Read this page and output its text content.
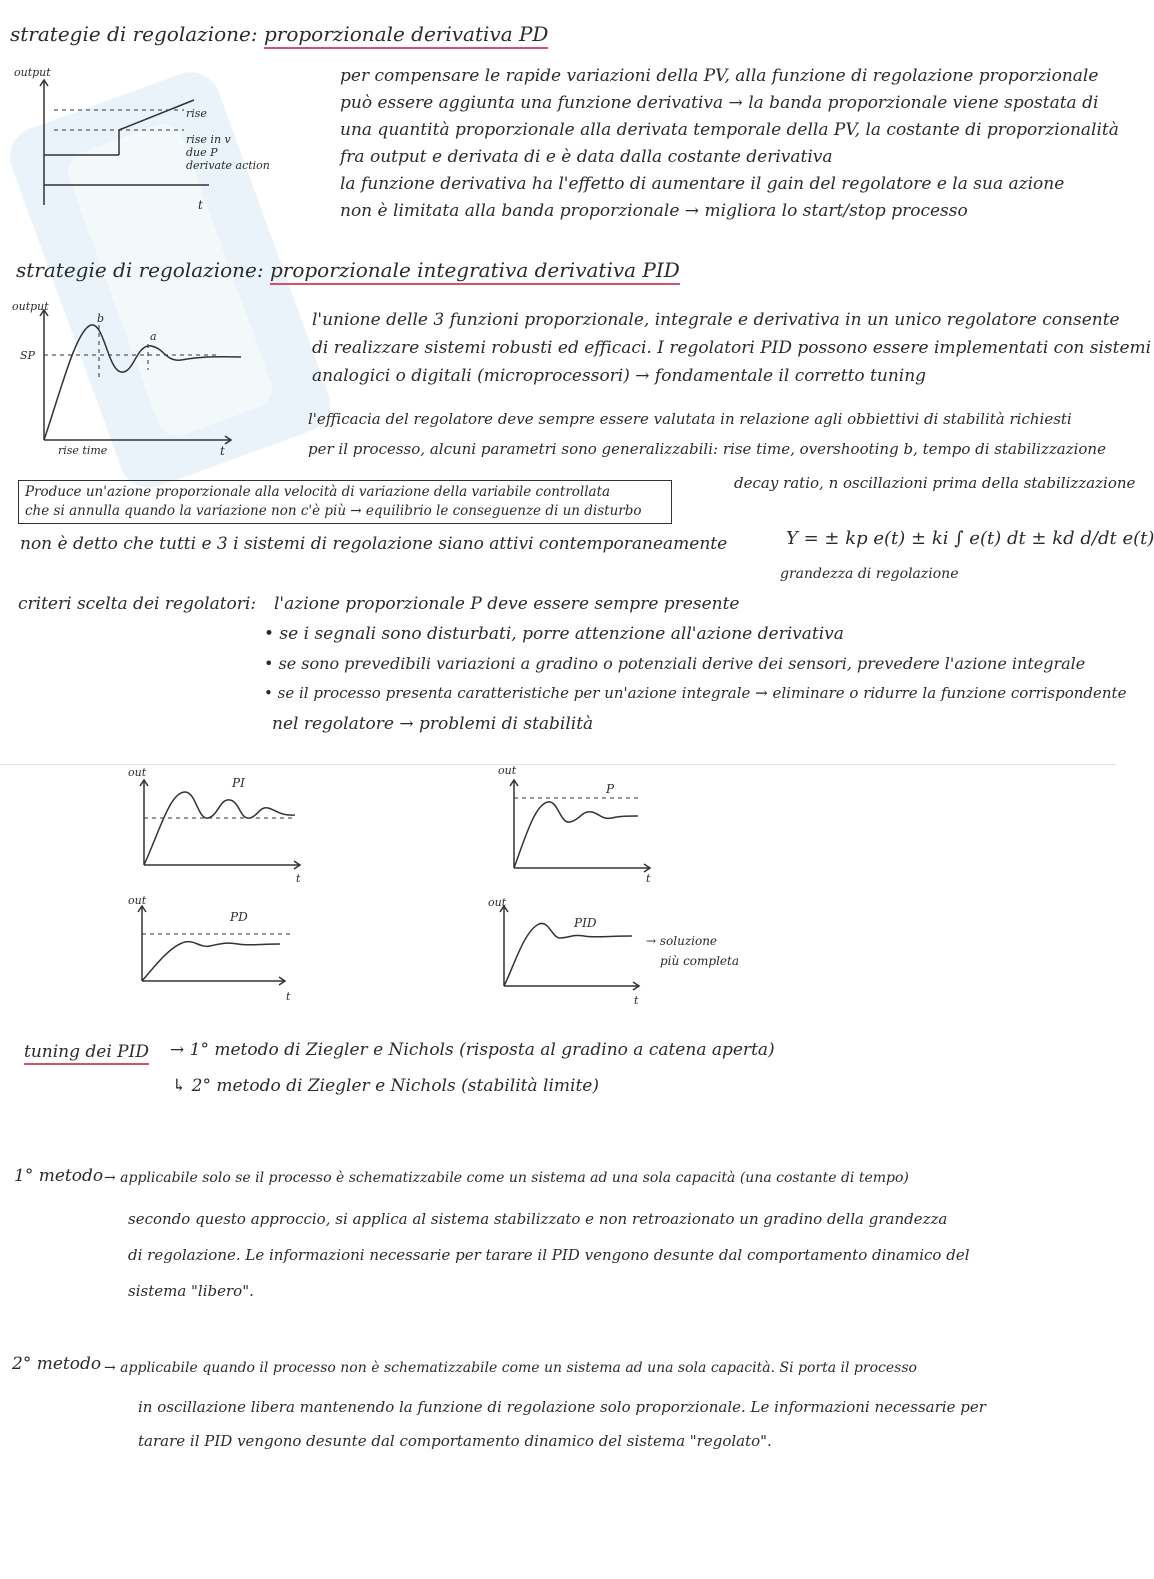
strategie di regolazione: proporzionale derivativa PD
output
t
rise
rise in v
due P
derivate action
per compensare le rapide variazioni della PV, alla funzione di regolazione proporzionale
può essere aggiunta una funzione derivativa → la banda proporzionale viene spostata di
una quantità proporzionale alla derivata temporale della PV, la costante di proporzionalità
fra output e derivata di e è data dalla costante derivativa
la funzione derivativa ha l'effetto di aumentare il gain del regolatore e la sua azione
non è limitata alla banda proporzionale → migliora lo start/stop processo
strategie di regolazione: proporzionale integrativa derivativa PID
output
SP
b
a
rise time	t
l'unione delle 3 funzioni proporzionale, integrale e derivativa in un unico regolatore consente
di realizzare sistemi robusti ed efficaci. I regolatori PID possono essere implementati con sistemi
analogici o digitali (microprocessori) → fondamentale il corretto tuning
l'efficacia del regolatore deve sempre essere valutata in relazione agli obbiettivi di stabilità richiesti
per il processo, alcuni parametri sono generalizzabili: rise time, overshooting b, tempo di stabilizzazione
decay ratio, n oscillazioni prima della stabilizzazione
Produce un'azione proporzionale alla velocità di variazione della variabile controllata
che si annulla quando la variazione non c'è più → equilibrio le conseguenze di un disturbo
non è detto che tutti e 3 i sistemi di regolazione siano attivi contemporaneamente	Y = ± kp e(t) ± ki ∫ e(t) dt ± kd d/dt e(t)
grandezza di regolazione
criteri scelta dei regolatori: l'azione proporzionale P deve essere sempre presente
• se i segnali sono disturbati, porre attenzione all'azione derivativa
• se sono prevedibili variazioni a gradino o potenziali derive dei sensori, prevedere l'azione integrale
• se il processo presenta caratteristiche per un'azione integrale → eliminare o ridurre la funzione corrispondente
nel regolatore → problemi di stabilità
out
PI
t
out
P
t
out
PD
t
out
PID
t
→ soluzione
più completa
tuning dei PID → 1° metodo di Ziegler e Nichols (risposta al gradino a catena aperta)
↳ 2° metodo di Ziegler e Nichols (stabilità limite)
1° metodo → applicabile solo se il processo è schematizzabile come un sistema ad una sola capacità (una costante di tempo)
secondo questo approccio, si applica al sistema stabilizzato e non retroazionato un gradino della grandezza
di regolazione. Le informazioni necessarie per tarare il PID vengono desunte dal comportamento dinamico del
sistema "libero".
2° metodo → applicabile quando il processo non è schematizzabile come un sistema ad una sola capacità. Si porta il processo
in oscillazione libera mantenendo la funzione di regolazione solo proporzionale. Le informazioni necessarie per
tarare il PID vengono desunte dal comportamento dinamico del sistema "regolato".
